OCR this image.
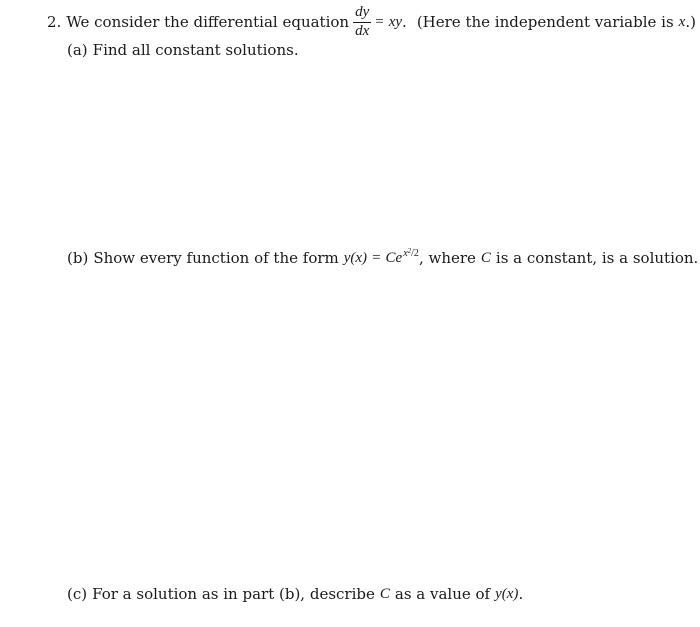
2. We consider the differential equation $\frac{dy}{dx}$ = xy . (Here the independent variable is x .)
(a) Find all constant solutions.
(b) Show every function of the form $y(x) = Ce^{x^2/2}$ , where C is a constant, is a solution.
(c) For a solution as in part (b), describe C as a value of y(x) .
